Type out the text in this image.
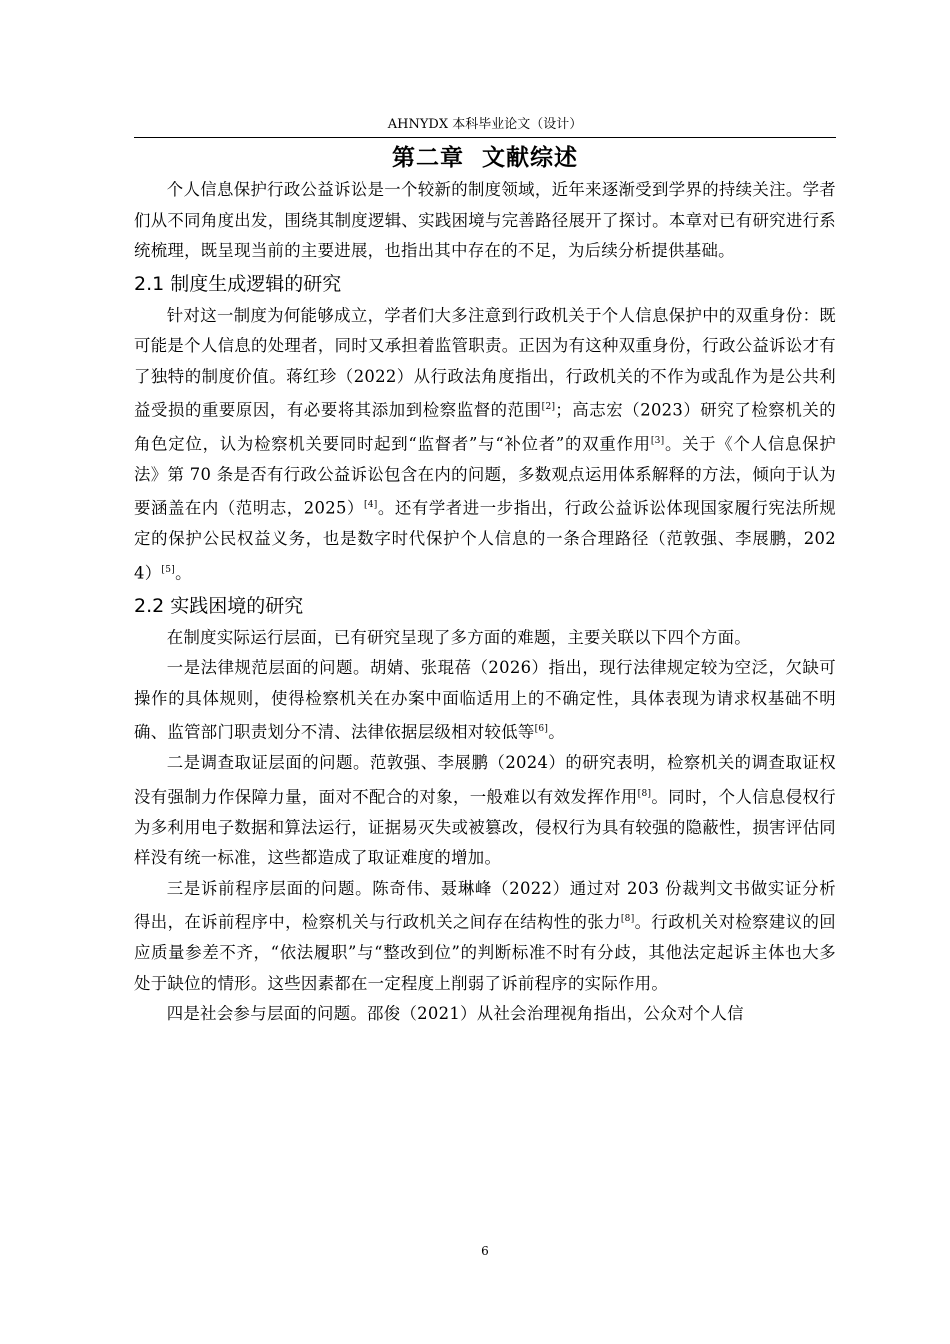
AHNYDX 本科毕业论文（设计）
第二章  文献综述

个人信息保护行政公益诉讼是一个较新的制度领域，近年来逐渐受到学界的持续关注。学者们从不同角度出发，围绕其制度逻辑、实践困境与完善路径展开了探讨。本章对已有研究进行系统梳理，既呈现当前的主要进展，也指出其中存在的不足，为后续分析提供基础。

2.1 制度生成逻辑的研究

针对这一制度为何能够成立，学者们大多注意到行政机关于个人信息保护中的双重身份：既可能是个人信息的处理者，同时又承担着监管职责。正因为有这种双重身份，行政公益诉讼才有了独特的制度价值。蒋红珍（2022）从行政法角度指出，行政机关的不作为或乱作为是公共利益受损的重要原因，有必要将其添加到检察监督的范围[2]；高志宏（2023）研究了检察机关的角色定位，认为检察机关要同时起到“监督者”与“补位者”的双重作用[3]。关于《个人信息保护法》第 70 条是否有行政公益诉讼包含在内的问题，多数观点运用体系解释的方法，倾向于认为要涵盖在内（范明志，2025）[4]。还有学者进一步指出，行政公益诉讼体现国家履行宪法所规定的保护公民权益义务，也是数字时代保护个人信息的一条合理路径（范敦强、李展鹏，2024）[5]。

2.2 实践困境的研究

在制度实际运行层面，已有研究呈现了多方面的难题，主要关联以下四个方面。

一是法律规范层面的问题。胡婧、张琨蓓（2026）指出，现行法律规定较为空泛，欠缺可操作的具体规则，使得检察机关在办案中面临适用上的不确定性，具体表现为请求权基础不明确、监管部门职责划分不清、法律依据层级相对较低等[6]。

二是调查取证层面的问题。范敦强、李展鹏（2024）的研究表明，检察机关的调查取证权没有强制力作保障力量，面对不配合的对象，一般难以有效发挥作用[8]。同时，个人信息侵权行为多利用电子数据和算法运行，证据易灭失或被篡改，侵权行为具有较强的隐蔽性，损害评估同样没有统一标准，这些都造成了取证难度的增加。

三是诉前程序层面的问题。陈奇伟、聂琳峰（2022）通过对 203 份裁判文书做实证分析得出，在诉前程序中，检察机关与行政机关之间存在结构性的张力[8]。行政机关对检察建议的回应质量参差不齐，“依法履职”与“整改到位”的判断标准不时有分歧，其他法定起诉主体也大多处于缺位的情形。这些因素都在一定程度上削弱了诉前程序的实际作用。

四是社会参与层面的问题。邵俊（2021）从社会治理视角指出，公众对个人信

6
